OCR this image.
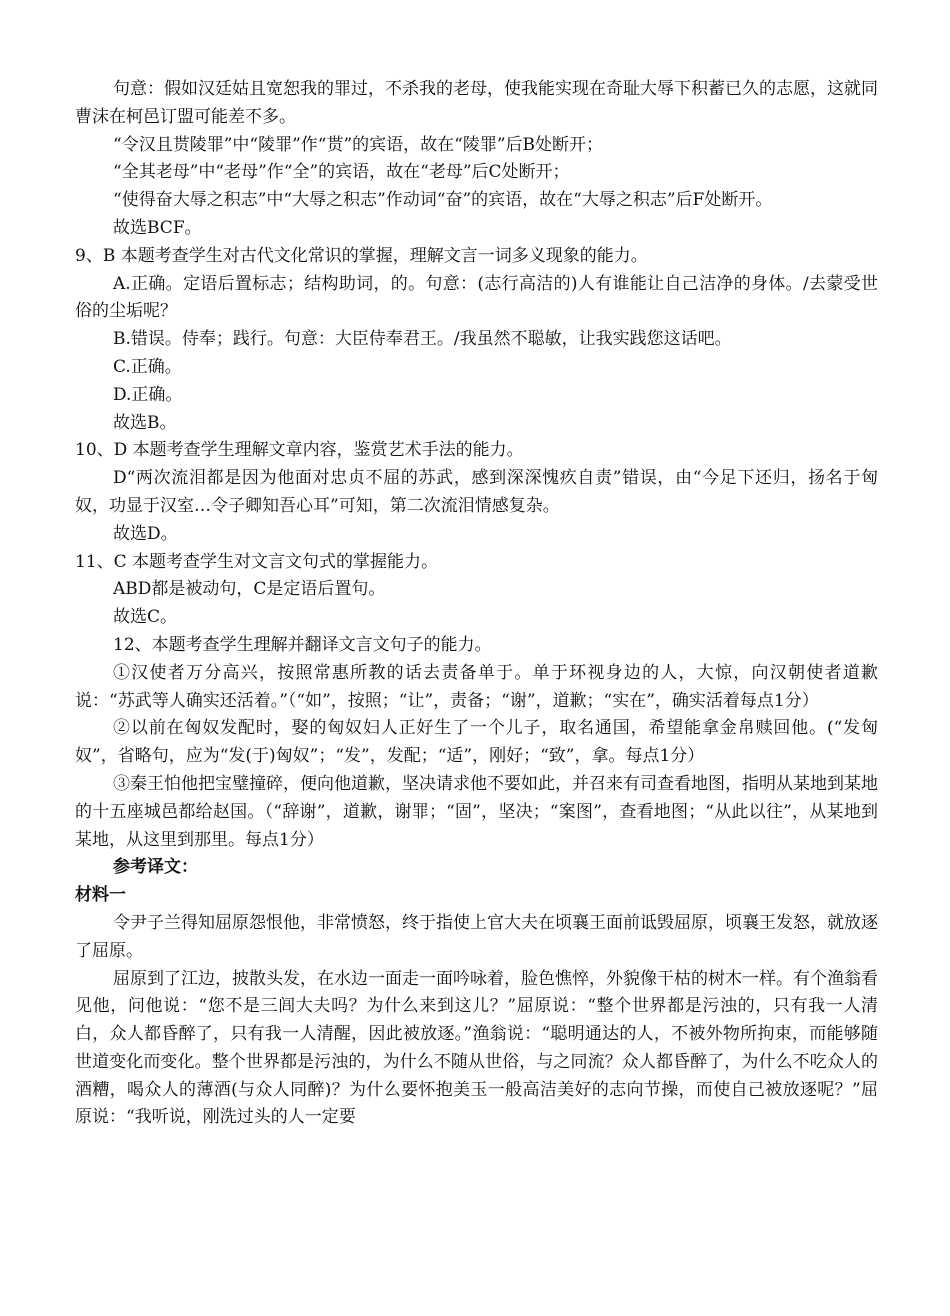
句意：假如汉廷姑且宽恕我的罪过，不杀我的老母，使我能实现在奇耻大辱下积蓄已久的志愿，这就同曹沫在柯邑订盟可能差不多。

“令汉且贳陵罪”中“陵罪”作“贳”的宾语，故在“陵罪”后B处断开；

“全其老母”中“老母”作“全”的宾语，故在“老母”后C处断开；

“使得奋大辱之积志”中“大辱之积志”作动词“奋”的宾语，故在“大辱之积志”后F处断开。

故选BCF。

9、B 本题考查学生对古代文化常识的掌握，理解文言一词多义现象的能力。

A.正确。定语后置标志；结构助词，的。句意：(志行高洁的)人有谁能让自己洁净的身体。/去蒙受世俗的尘垢呢？

B.错误。侍奉；践行。句意：大臣侍奉君王。/我虽然不聪敏，让我实践您这话吧。

C.正确。

D.正确。

故选B。

10、D 本题考查学生理解文章内容，鉴赏艺术手法的能力。

D“两次流泪都是因为他面对忠贞不屈的苏武，感到深深愧疚自责”错误，由“今足下还归，扬名于匈奴，功显于汉室…令子卿知吾心耳”可知，第二次流泪情感复杂。

故选D。

11、C 本题考查学生对文言文句式的掌握能力。

ABD都是被动句，C是定语后置句。

故选C。

12、本题考查学生理解并翻译文言文句子的能力。

①汉使者万分高兴，按照常惠所教的话去责备单于。单于环视身边的人，大惊，向汉朝使者道歉说：“苏武等人确实还活着。”（“如”，按照；“让”，责备；“谢”，道歉；“实在”，确实活着每点1分）

②以前在匈奴发配时，娶的匈奴妇人正好生了一个儿子，取名通国，希望能拿金帛赎回他。(“发匈奴”，省略句，应为“发(于)匈奴”；“发”，发配；“适”，刚好；“致”，拿。每点1分）

③秦王怕他把宝璧撞碎，便向他道歉，坚决请求他不要如此，并召来有司查看地图，指明从某地到某地的十五座城邑都给赵国。（“辞谢”，道歉，谢罪；“固”，坚决；“案图”，查看地图；“从此以往”，从某地到某地，从这里到那里。每点1分）

参考译文：

材料一

令尹子兰得知屈原怨恨他，非常愤怒，终于指使上官大夫在顷襄王面前诋毁屈原，顷襄王发怒，就放逐了屈原。

屈原到了江边，披散头发，在水边一面走一面吟咏着，脸色憔悴，外貌像干枯的树木一样。有个渔翁看见他，问他说：“您不是三闾大夫吗？为什么来到这儿？”屈原说：“整个世界都是污浊的，只有我一人清白，众人都昏醉了，只有我一人清醒，因此被放逐。”渔翁说：“聪明通达的人，不被外物所拘束，而能够随世道变化而变化。整个世界都是污浊的，为什么不随从世俗，与之同流？众人都昏醉了，为什么不吃众人的酒糟，喝众人的薄酒(与众人同醉)？为什么要怀抱美玉一般高洁美好的志向节操，而使自己被放逐呢？”屈原说：“我听说，刚洗过头的人一定要
